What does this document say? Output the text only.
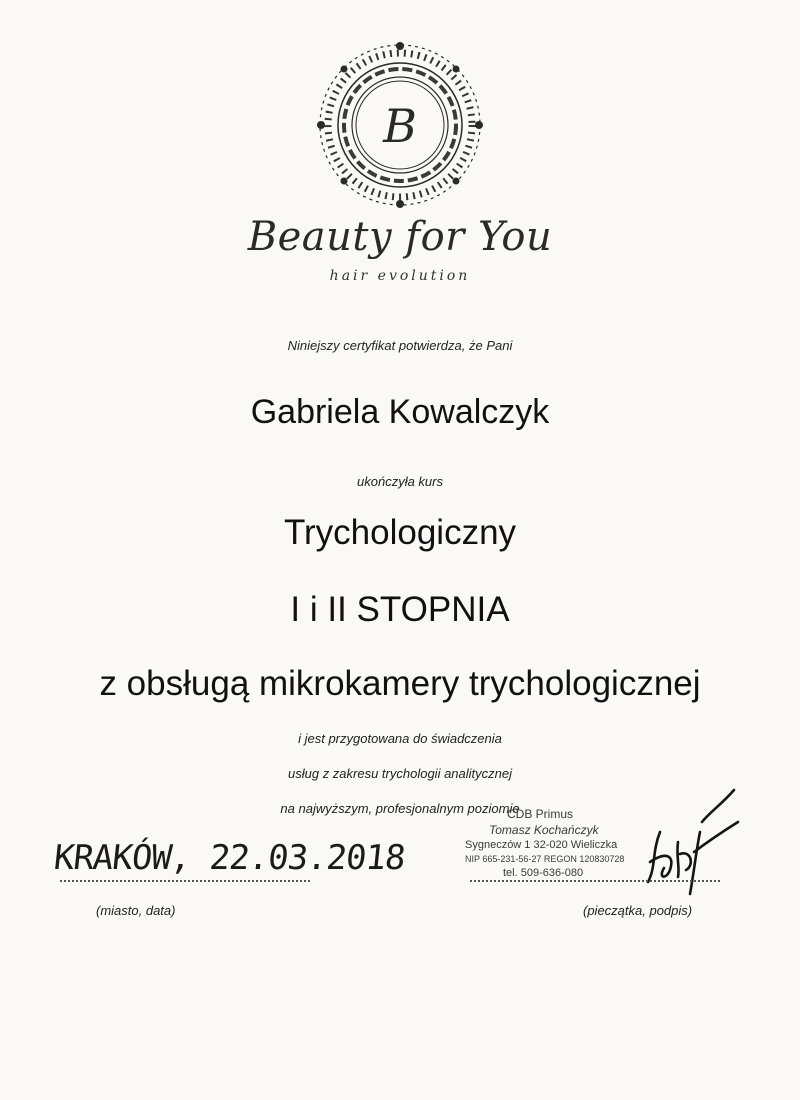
B
Beauty for You
hair evolution
Niniejszy certyfikat potwierdza, że Pani
Gabriela Kowalczyk
ukończyła kurs
Trychologiczny
I i II STOPNIA
z obsługą mikrokamery trychologicznej
i jest przygotowana do świadczenia
usług z zakresu trychologii analitycznej
na najwyższym, profesjonalnym poziomie
KRAKÓW, 22.03.2018
(miasto, data)
CDB Primus
Tomasz Kochańczyk
Sygneczów 1 32-020 Wieliczka
NIP 665-231-56-27 REGON 120830728
tel. 509-636-080
(pieczątka, podpis)
